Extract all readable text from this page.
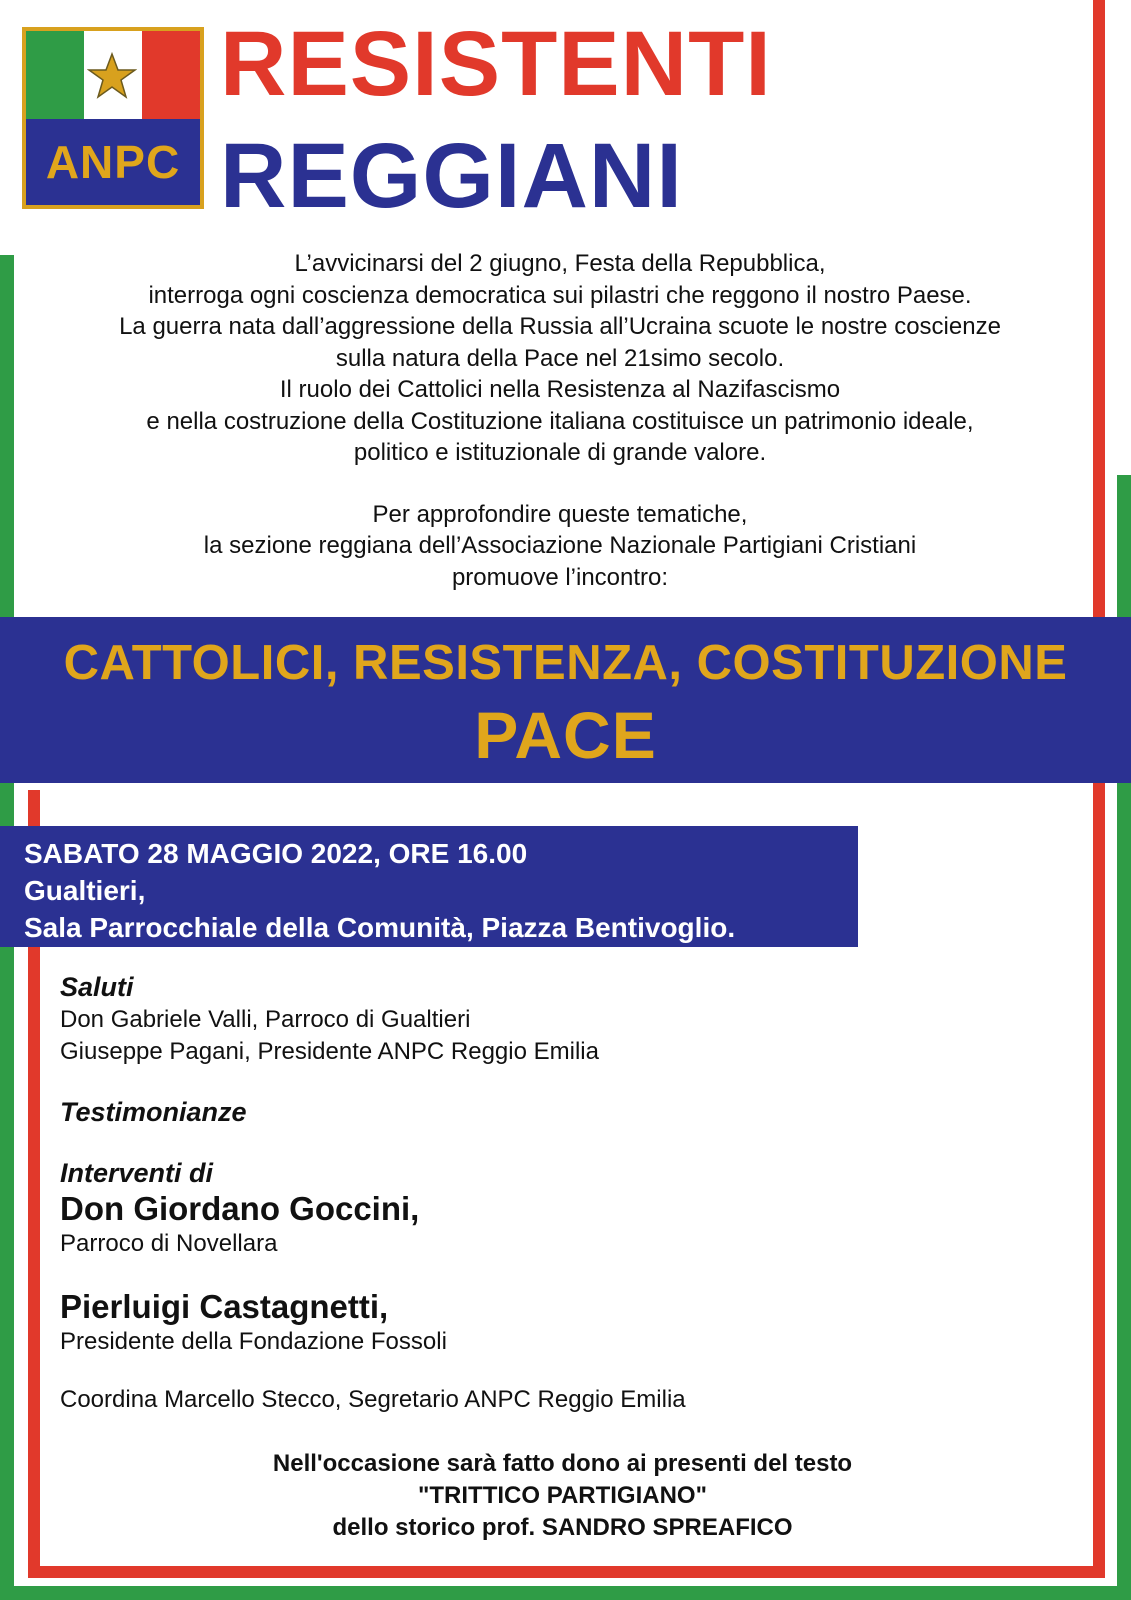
ANPC
RESISTENTI
REGGIANI

L’avvicinarsi del 2 giugno, Festa della Repubblica,

interroga ogni coscienza democratica sui pilastri che reggono il nostro Paese.

La guerra nata dall’aggressione della Russia all’Ucraina scuote le nostre coscienze

sulla natura della Pace nel 21simo secolo.

Il ruolo dei Cattolici nella Resistenza al Nazifascismo

e nella costruzione della Costituzione italiana costituisce un patrimonio ideale,

politico e istituzionale di grande valore.

Per approfondire queste tematiche,

la sezione reggiana dell’Associazione Nazionale Partigiani Cristiani

promuove l’incontro:

CATTOLICI, RESISTENZA, COSTITUZIONE
PACE
SABATO 28 MAGGIO 2022, ORE 16.00
Gualtieri,
Sala Parrocchiale della Comunità, Piazza Bentivoglio.
Saluti
Don Gabriele Valli, Parroco di Gualtieri
Giuseppe Pagani, Presidente ANPC Reggio Emilia
Testimonianze
Interventi di
Don Giordano Goccini,
Parroco di Novellara
Pierluigi Castagnetti,
Presidente della Fondazione Fossoli
Coordina Marcello Stecco, Segretario ANPC Reggio Emilia
Nell'occasione sarà fatto dono ai presenti del testo
"TRITTICO PARTIGIANO"
dello storico prof. SANDRO SPREAFICO
